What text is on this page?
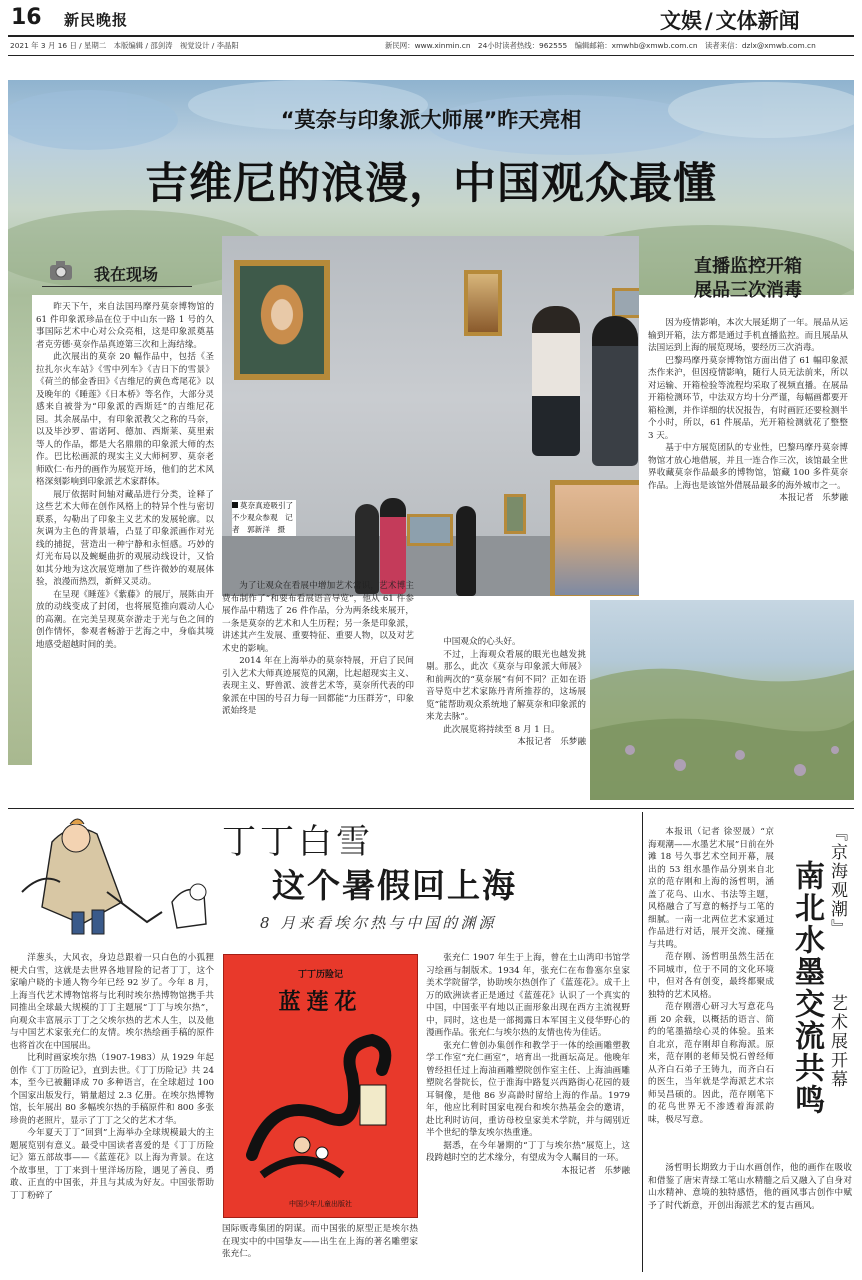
16 新民晚报	文娱 / 文体新闻
2021 年 3 月 16 日 / 星期二　本版编辑 / 邵剑涛　视觉设计 / 李晶阳	新民网：www.xinmin.cn　24小时读者热线：962555　编辑邮箱：xmwhb@xmwb.com.cn　读者来信：dzlx@xmwb.com.cn
“莫奈与印象派大师展”昨天亮相
吉维尼的浪漫，中国观众最懂
我在现场
莫奈真迹吸引了不少观众参观　记者　郭新洋　摄

昨天下午，来自法国玛摩丹莫奈博物馆的 61 件印象派珍品在位于中山东一路 1 号的久事国际艺术中心对公众亮相，这是印象派奠基者克劳德·莫奈作品真迹第三次和上海结缘。

此次展出的莫奈 20 幅作品中，包括《圣拉扎尔火车站》《雪中列车》《吉日下的雪景》《荷兰的郁金香田》《吉维尼的黄色鸢尾花》以及晚年的《睡莲》《日本桥》等名作，大部分灵感来自被誉为“印象派的西斯廷”的吉维尼花园。其余展品中，有印象派教父之称的马奈，以及毕沙罗、雷诺阿、德加、西斯莱、莫里索等人的作品，都是大名鼎鼎的印象派大师的杰作。巴比松画派的现实主义大师柯罗、莫奈老师欧仁·布丹的画作为展览开场，他们的艺术风格深刻影响到印象派艺术家群体。

展厅依据时间轴对藏品进行分类，诠释了这些艺术大师在创作风格上的特异个性与密切联系，勾勒出了印象主义艺术的发展轮廓。以灰调为主色的背景墙，凸显了印象派画作对光线的捕捉，营造出一种宁静和永恒感。巧妙的灯光布局以及蜿蜒曲折的观展动线设计，又恰如其分地为这次展览增加了些许微妙的观展体验，浪漫而热烈，新鲜又灵动。

在呈现《睡莲》《紫藤》的展厅，展陈由开放的动线变成了封闭，也将展览推向震动人心的高潮。在完美呈现莫奈游走于光与色之间的创作情怀，参观者畅游于艺海之中，身临其境地感受超越时间的美。

为了让观众在看展中增加艺术常识，艺术博主费布制作了“和要布看展语音导览”，他从 61 件参展作品中精选了 26 件作品，分为两条线来展开，一条是莫奈的艺术和人生历程；另一条是印象派，讲述其产生发展、重要特征、重要人物，以及对艺术史的影响。

2014 年在上海举办的莫奈特展，开启了民间引入艺术大师真迹展览的风潮，比起超现实主义、表现主义、野兽派、波普艺术等，莫奈所代表的印象派在中国的号召力每一回都能“力压群芳”，印象派始终是

中国观众的心头好。

不过，上海观众看展的眼光也越发挑剔。那么，此次《莫奈与印象派大师展》和前两次的“莫奈展”有何不同？正如在语音导览中艺术家陈丹青所推荐的，这场展览“能帮助观众系统地了解莫奈和印象派的来龙去脉”。

此次展览将持续至 8 月 1 日。

本报记者　乐梦融
直播监控开箱
展品三次消毒

因为疫情影响，本次大展延期了一年。展品从运输到开箱，法方都是通过手机直播监控。而且展品从法国运到上海的展览现场，要经历三次消毒。

巴黎玛摩丹莫奈博物馆方面出借了 61 幅印象派杰作来沪，但因疫情影响，随行人员无法前来，所以对运输、开箱检验等流程均采取了视频直播。在展品开箱检测环节，中法双方均十分严谨，每幅画都要开箱检测，并作详细的状况报告，有时画匠还要检测半个小时，所以，61 件展品，光开箱检测就花了整整 3 天。

基于中方展览团队的专业性，巴黎玛摩丹莫奈博物馆才放心地借展，并且一连合作三次，该馆最全世界收藏莫奈作品最多的博物馆，馆藏 100 多件莫奈作品。上海也是该馆外借展品最多的海外城市之一。

本报记者　乐梦融
丁丁白雪
这个暑假回上海
8 月来看埃尔热与中国的渊源
丁丁历险记
蓝莲花
中国少年儿童出版社

洋葱头，大风衣，身边总跟着一只白色的小狐狸梗犬白雪，这就是去世界各地冒险的记者丁丁，这个家喻户晓的卡通人物今年已经 92 岁了。今年 8 月，上海当代艺术博物馆将与比利时埃尔热博物馆携手共同推出全球最大规模的丁丁主题展“丁丁与埃尔热”，向观众丰富展示丁丁之父埃尔热的艺术人生，以及他与中国艺术家张充仁的友情。埃尔热绘画手稿的原件也将首次在中国展出。

比利时画家埃尔热（1907-1983）从 1929 年起创作《丁丁历险记》，直到去世。《丁丁历险记》共 24 本，至今已被翻译成 70 多种语言，在全球超过 100 个国家出版发行，销量超过 2.3 亿册。在埃尔热博物馆，长年展出 80 多幅埃尔热的手稿原件和 800 多张珍贵的老照片，显示了丁丁之父的艺术才华。

今年夏天丁丁“回到”上海举办全球规模最大的主题展览别有意义。最受中国读者喜爱的是《丁丁历险记》第五部故事——《蓝莲花》以上海为背景。在这个故事里，丁丁来到十里洋场历险，遇见了善良、勇敢、正直的中国张，并且与其成为好友。中国张帮助丁丁粉碎了

国际贩毒集团的阴谋。而中国张的原型正是埃尔热在现实中的中国挚友——出生在上海的著名雕塑家张充仁。

张充仁 1907 年生于上海，曾在土山湾印书馆学习绘画与制版术。1934 年，张充仁在布鲁塞尔皇家美术学院留学，协助埃尔热创作了《蓝莲花》。成千上万的欧洲读者正是通过《蓝莲花》认识了一个真实的中国，中国张平有地以正面形象出现在西方主流视野中，同时，这也是一部揭露日本军国主义侵华野心的漫画作品。张充仁与埃尔热的友情也传为佳话。

张充仁曾创办集创作和教学于一体的绘画雕塑教学工作室“充仁画室”，培育出一批画坛高足。他晚年曾经担任过上海油画雕塑院创作室主任、上海油画雕塑院名誉院长，位于淮海中路复兴西路街心花园的聂耳铜像，是他 86 岁高龄时留给上海的作品。1979 年，他应比利时国家电视台和埃尔热基金会的邀请，赴比利时访问，重访母校皇家美术学院，并与阔别近半个世纪的挚友埃尔热重逢。

据悉，在今年暑期的“丁丁与埃尔热”展览上，这段跨越时空的艺术缘分，有望成为令人瞩目的一环。

本报记者　乐梦融

本报讯（记者 徐翌晟）“京海观潮——水墨艺术展”日前在外滩 18 号久事艺术空间开幕，展出的 53 组水墨作品分别来自北京的范存刚和上海的汤哲明，涵盖了花鸟、山水、书法等主题，风格融合了写意的畅抒与工笔的细腻。一南一北两位艺术家通过作品进行对话，展开交流、碰撞与共鸣。

范存刚、汤哲明虽然生活在不同城市，位于不同的文化环境中，但对各有创变，最终都聚成独特的艺术风格。

范存刚潜心研习大写意花鸟画 20 余载，以概括的语言、简约的笔墨描绘心灵的体验。虽来自北京，范存刚却自称海派。原来，范存刚的老师吴悦石曾经师从齐白石弟子王铸九，而齐白石的医生，当年就是学海派艺术宗师吴昌硕的。因此，范存刚笔下的花鸟世界无不渗透着海派韵味，极尽写意。

汤哲明长期致力于山水画创作，他的画作在吸收和借鉴了唐宋青绿工笔山水精髓之后又融入了自身对山水精神、意境的独特感悟，他的画风事古创作中赋予了时代新意，开创出海派艺术的复古画风。
『京海观潮』
艺术展开幕
南北水墨交流共鸣
